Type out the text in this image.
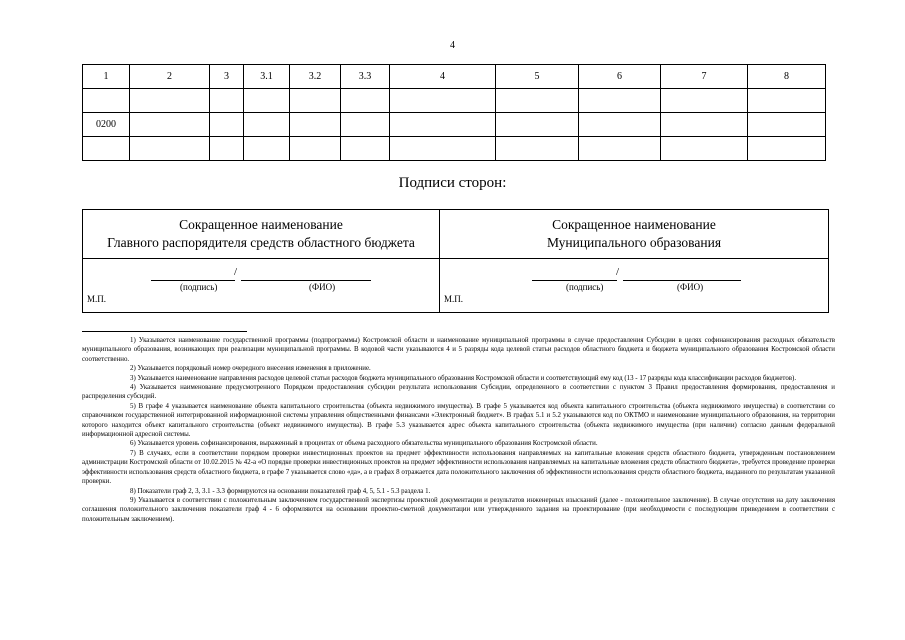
4
1	2	3	3.1	3.2	3.3	4	5	6	7	8

0200										

Подписи сторон:
Сокращенное наименование
Главного распорядителя средств областного бюджета
Сокращенное наименование
Муниципального образования
/
(подпись)	(ФИО)
М.П.
/
(подпись)	(ФИО)
М.П.

1) Указывается наименование государственной программы (подпрограммы) Костромской области и наименование муниципальной программы в случае предоставления Субсидии в целях софинансирования расходных обязательств муниципального образования, возникающих при реализации муниципальной программы. В кодовой части указываются 4 и 5 разряды кода целевой статьи расходов областного бюджета и бюджета муниципального образования Костромской области соответственно.

2) Указывается порядковый номер очередного внесения изменения в приложение.

3) Указывается наименование направления расходов целевой статьи расходов бюджета муниципального образования Костромской области и соответствующий ему код (13 - 17 разряды кода классификации расходов бюджетов).

4) Указывается наименование предусмотренного Порядком предоставления субсидии результата использования Субсидии, определенного в соответствии с пунктом 3 Правил предоставления формирования, предоставления и распределения субсидий.

5) В графе 4 указывается наименование объекта капитального строительства (объекта недвижимого имущества). В графе 5 указывается код объекта капитального строительства (объекта недвижимого имущества) в соответствии со справочником государственной интегрированной информационной системы управления общественными финансами «Электронный бюджет». В графах 5.1 и 5.2 указываются код по ОКТМО и наименование муниципального образования, на территории которого находится объект капитального строительства (объект недвижимого имущества). В графе 5.3 указывается адрес объекта капитального строительства (объекта недвижимого имущества (при наличии) согласно данным федеральной информационной адресной системы.

6) Указывается уровень софинансирования, выраженный в процентах от объема расходного обязательства муниципального образования Костромской области.

7) В случаях, если в соответствии порядком проверки инвестиционных проектов на предмет эффективности использования направляемых на капитальные вложения средств областного бюджета, утвержденным постановлением администрации Костромской области от 10.02.2015 № 42-а «О порядке проверки инвестиционных проектов на предмет эффективности использования направляемых на капитальные вложения средств областного бюджета», требуется проведение проверки эффективности использования средств областного бюджета, в графе 7 указывается слово «да», а в графах 8 отражается дата положительного заключения об эффективности использования средств областного бюджета, выданного по результатам указанной проверки.

8) Показатели граф 2, 3, 3.1 - 3.3 формируются на основании показателей граф 4, 5, 5.1 - 5.3 раздела 1.

9) Указывается в соответствии с положительным заключением государственной экспертизы проектной документации и результатов инженерных изысканий (далее - положительное заключение). В случае отсутствия на дату заключения соглашения положительного заключения показатели граф 4 - 6 оформляются на основании проектно-сметной документации или утвержденного задания на проектирование (при необходимости с последующим приведением в соответствии с положительным заключением).
